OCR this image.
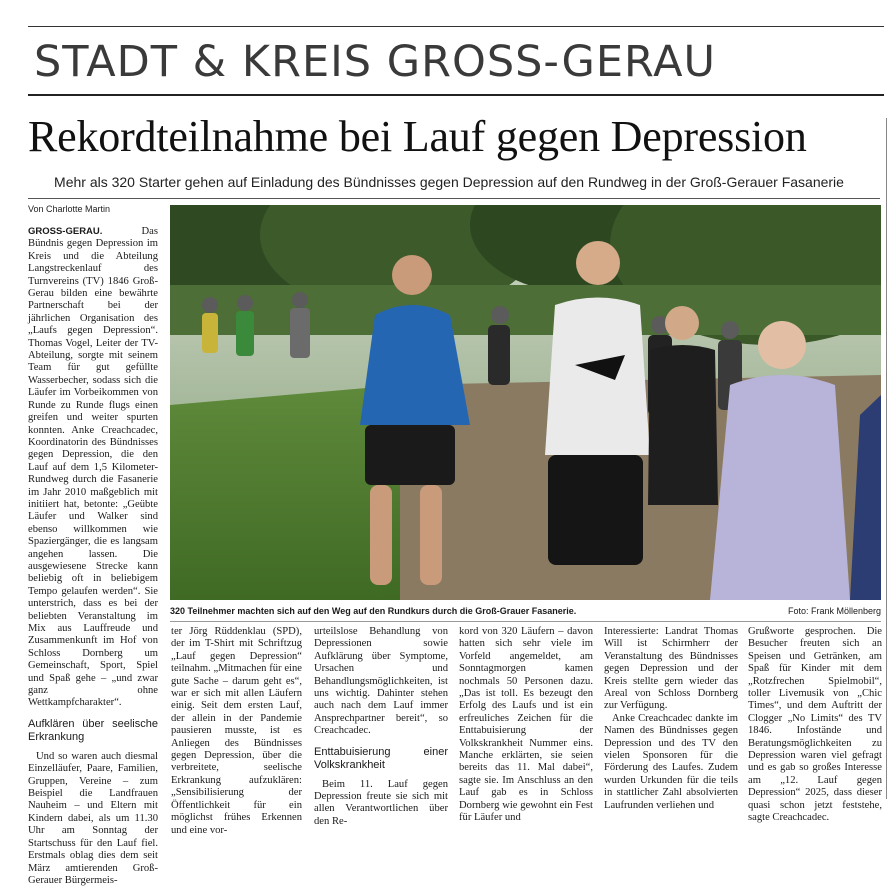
STADT & KREIS GROSS-GERAU
Rekordteilnahme bei Lauf gegen Depression

Mehr als 320 Starter gehen auf Einladung des Bündnisses gegen Depression auf den Rundweg in der Groß-Gerauer Fasanerie

Von Charlotte Martin

GROSS-GERAU. Das Bündnis gegen Depression im Kreis und die Abteilung Langstreckenlauf des Turnvereins (TV) 1846 Groß-Gerau bilden eine bewährte Partnerschaft bei der jährlichen Organisation des „Laufs gegen Depression“. Thomas Vogel, Leiter der TV-Abteilung, sorgte mit seinem Team für gut gefüllte Wasserbecher, sodass sich die Läufer im Vorbeikommen von Runde zu Runde flugs einen greifen und weiter spurten konnten. Anke Creachcadec, Koordinatorin des Bündnisses gegen Depression, die den Lauf auf dem 1,5 Kilometer-Rundweg durch die Fasanerie im Jahr 2010 maßgeblich mit initiiert hat, betonte: „Geübte Läufer und Walker sind ebenso willkommen wie Spaziergänger, die es langsam angehen lassen. Die ausgewiesene Strecke kann beliebig oft in beliebigem Tempo gelaufen werden“. Sie unterstrich, dass es bei der beliebten Veranstaltung im Mix aus Lauffreude und Zusammenkunft im Hof von Schloss Dornberg um Gemeinschaft, Sport, Spiel und Spaß gehe – „und zwar ganz ohne Wettkampfcharakter“.

Aufklären über seelische Erkrankung

Und so waren auch diesmal Einzelläufer, Paare, Familien, Gruppen, Vereine – zum Beispiel die Landfrauen Nauheim – und Eltern mit Kindern dabei, als um 11.30 Uhr am Sonntag der Startschuss für den Lauf fiel. Erstmals oblag dies dem seit März amtierenden Groß-Gerauer Bürgermeis-

320 Teilnehmer machten sich auf den Weg auf den Rundkurs durch die Groß-Grauer Fasanerie.	Foto: Frank Möllenberg

ter Jörg Rüddenklau (SPD), der im T-Shirt mit Schriftzug „Lauf gegen Depression“ teilnahm. „Mitmachen für eine gute Sache – darum geht es“, war er sich mit allen Läufern einig. Seit dem ersten Lauf, der allein in der Pandemie pausieren musste, ist es Anliegen des Bündnisses gegen Depression, über die verbreitete, seelische Erkrankung aufzuklären: „Sensibilisierung der Öffentlichkeit für ein möglichst frühes Erkennen und eine vor-

urteilslose Behandlung von Depressionen sowie Aufklärung über Symptome, Ursachen und Behandlungsmöglichkeiten, ist uns wichtig. Dahinter stehen auch nach dem Lauf immer Ansprechpartner bereit“, so Creachcadec.

Enttabuisierung einer Volkskrankheit

Beim 11. Lauf gegen Depression freute sie sich mit allen Verantwortlichen über den Re-

kord von 320 Läufern – davon hatten sich sehr viele im Vorfeld angemeldet, am Sonntagmorgen kamen nochmals 50 Personen dazu. „Das ist toll. Es bezeugt den Erfolg des Laufs und ist ein erfreuliches Zeichen für die Enttabuisierung der Volkskrankheit Nummer eins. Manche erklärten, sie seien bereits das 11. Mal dabei“, sagte sie. Im Anschluss an den Lauf gab es in Schloss Dornberg wie gewohnt ein Fest für Läufer und

Interessierte: Landrat Thomas Will ist Schirmherr der Veranstaltung des Bündnisses gegen Depression und der Kreis stellte gern wieder das Areal von Schloss Dornberg zur Verfügung.

Anke Creachcadec dankte im Namen des Bündnisses gegen Depression und des TV den vielen Sponsoren für die Förderung des Laufes. Zudem wurden Urkunden für die teils in stattlicher Zahl absolvierten Laufrunden verliehen und

Grußworte gesprochen. Die Besucher freuten sich an Speisen und Getränken, am Spaß für Kinder mit dem „Rotzfrechen Spielmobil“, toller Livemusik von „Chic Times“, und dem Auftritt der Clogger „No Limits“ des TV 1846. Infoständе und Beratungsmöglichkeiten zu Depression waren viel gefragt und es gab so großes Interesse am „12. Lauf gegen Depression“ 2025, dass dieser quasi schon jetzt feststehe, sagte Creachcadec.
